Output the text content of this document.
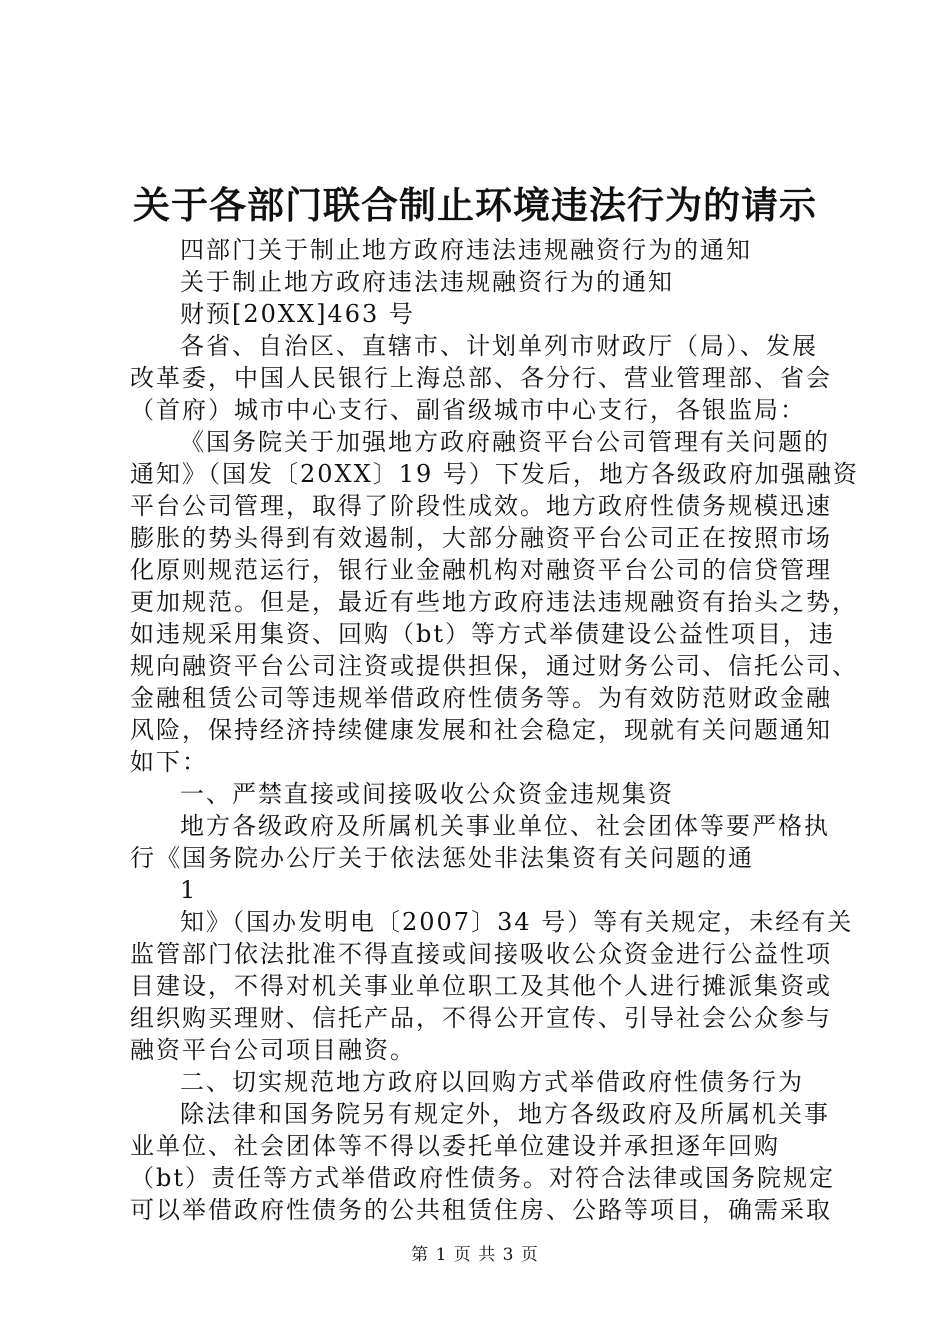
关于各部门联合制止环境违法行为的请示
四部门关于制止地方政府违法违规融资行为的通知
关于制止地方政府违法违规融资行为的通知
财预[20XX]463 号
各省、自治区、直辖市、计划单列市财政厅（局）、发展
改革委，中国人民银行上海总部、各分行、营业管理部、省会
（首府）城市中心支行、副省级城市中心支行，各银监局：
《国务院关于加强地方政府融资平台公司管理有关问题的
通知》（国发〔20XX〕19 号）下发后，地方各级政府加强融资
平台公司管理，取得了阶段性成效。地方政府性债务规模迅速
膨胀的势头得到有效遏制，大部分融资平台公司正在按照市场
化原则规范运行，银行业金融机构对融资平台公司的信贷管理
更加规范。但是，最近有些地方政府违法违规融资有抬头之势，
如违规采用集资、回购（bt）等方式举债建设公益性项目，违
规向融资平台公司注资或提供担保，通过财务公司、信托公司、
金融租赁公司等违规举借政府性债务等。为有效防范财政金融
风险，保持经济持续健康发展和社会稳定，现就有关问题通知
如下：
一、严禁直接或间接吸收公众资金违规集资
地方各级政府及所属机关事业单位、社会团体等要严格执
行《国务院办公厅关于依法惩处非法集资有关问题的通
1
知》（国办发明电〔2007〕34 号）等有关规定，未经有关
监管部门依法批准不得直接或间接吸收公众资金进行公益性项
目建设，不得对机关事业单位职工及其他个人进行摊派集资或
组织购买理财、信托产品，不得公开宣传、引导社会公众参与
融资平台公司项目融资。
二、切实规范地方政府以回购方式举借政府性债务行为
除法律和国务院另有规定外，地方各级政府及所属机关事
业单位、社会团体等不得以委托单位建设并承担逐年回购
（bt）责任等方式举借政府性债务。对符合法律或国务院规定
可以举借政府性债务的公共租赁住房、公路等项目，确需采取
第 1 页 共 3 页
